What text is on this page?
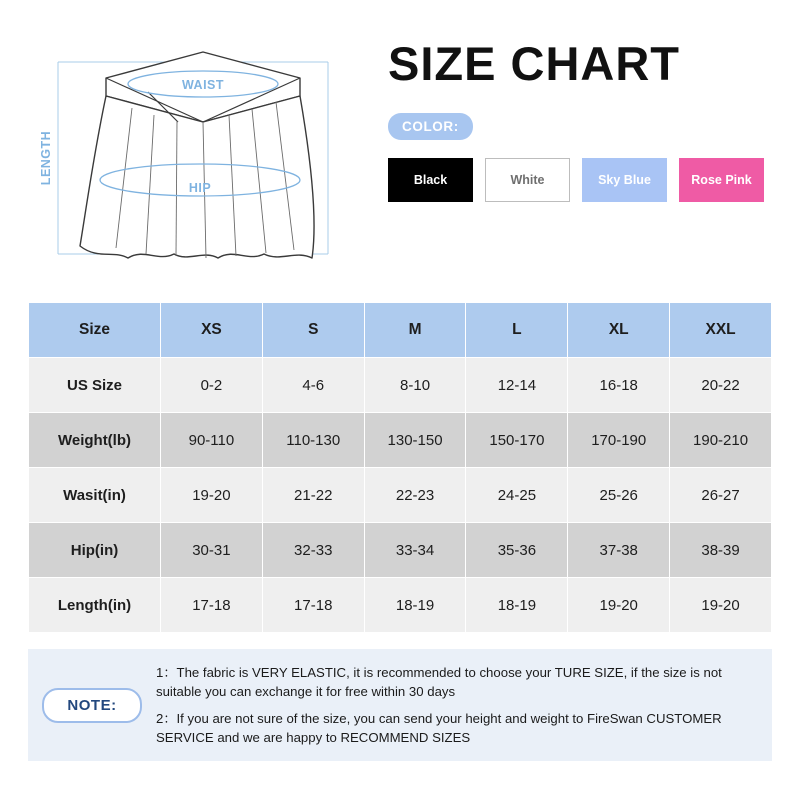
WAIST
HIP
LENGTH
SIZE CHART
COLOR:
Black	White	Sky Blue	Rose Pink
Size	XS	S	M	L	XL	XXL
US Size	0-2	4-6	8-10	12-14	16-18	20-22
Weight(lb)	90-110	110-130	130-150	150-170	170-190	190-210
Wasit(in)	19-20	21-22	22-23	24-25	25-26	26-27
Hip(in)	30-31	32-33	33-34	35-36	37-38	38-39
Length(in)	17-18	17-18	18-19	18-19	19-20	19-20
NOTE:

1：The fabric is VERY ELASTIC, it is recommended to choose your TURE SIZE, if the size is not suitable you can exchange it for free within 30 days

2：If you are not sure of the size, you can send your height and weight to FireSwan CUSTOMER SERVICE and we are happy to RECOMMEND SIZES
